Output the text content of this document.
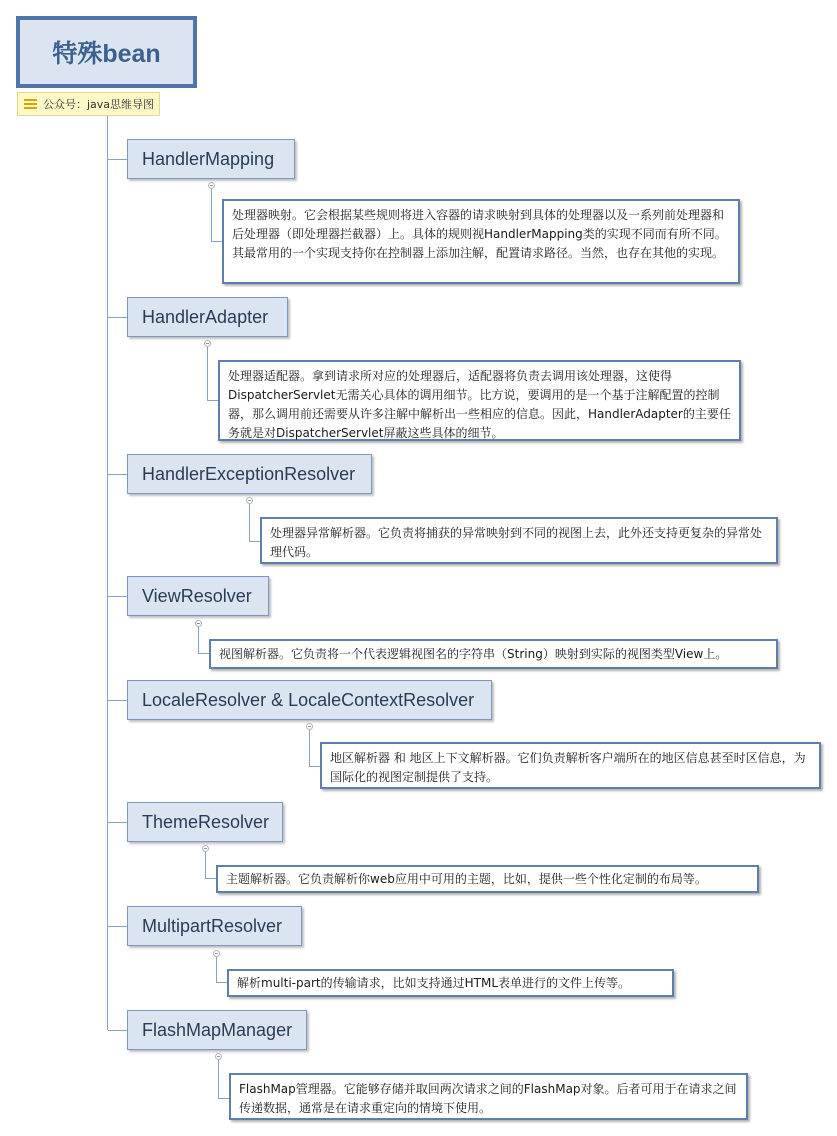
特殊bean
公众号：java思维导图
HandlerMapping
处理器映射。它会根据某些规则将进入容器的请求映射到具体的处理器以及一系列前处理器和后处理器（即处理器拦截器）上。具体的规则视HandlerMapping类的实现不同而有所不同。其最常用的一个实现支持你在控制器上添加注解，配置请求路径。当然，也存在其他的实现。
HandlerAdapter
处理器适配器。拿到请求所对应的处理器后，适配器将负责去调用该处理器，这使得DispatcherServlet无需关心具体的调用细节。比方说，要调用的是一个基于注解配置的控制器，那么调用前还需要从许多注解中解析出一些相应的信息。因此，HandlerAdapter的主要任务就是对DispatcherServlet屏蔽这些具体的细节。
HandlerExceptionResolver
处理器异常解析器。它负责将捕获的异常映射到不同的视图上去，此外还支持更复杂的异常处理代码。
ViewResolver
视图解析器。它负责将一个代表逻辑视图名的字符串（String）映射到实际的视图类型View上。
LocaleResolver & LocaleContextResolver
地区解析器 和 地区上下文解析器。它们负责解析客户端所在的地区信息甚至时区信息，为国际化的视图定制提供了支持。
ThemeResolver
主题解析器。它负责解析你web应用中可用的主题，比如，提供一些个性化定制的布局等。
MultipartResolver
解析multi-part的传输请求，比如支持通过HTML表单进行的文件上传等。
FlashMapManager
FlashMap管理器。它能够存储并取回两次请求之间的FlashMap对象。后者可用于在请求之间传递数据，通常是在请求重定向的情境下使用。
